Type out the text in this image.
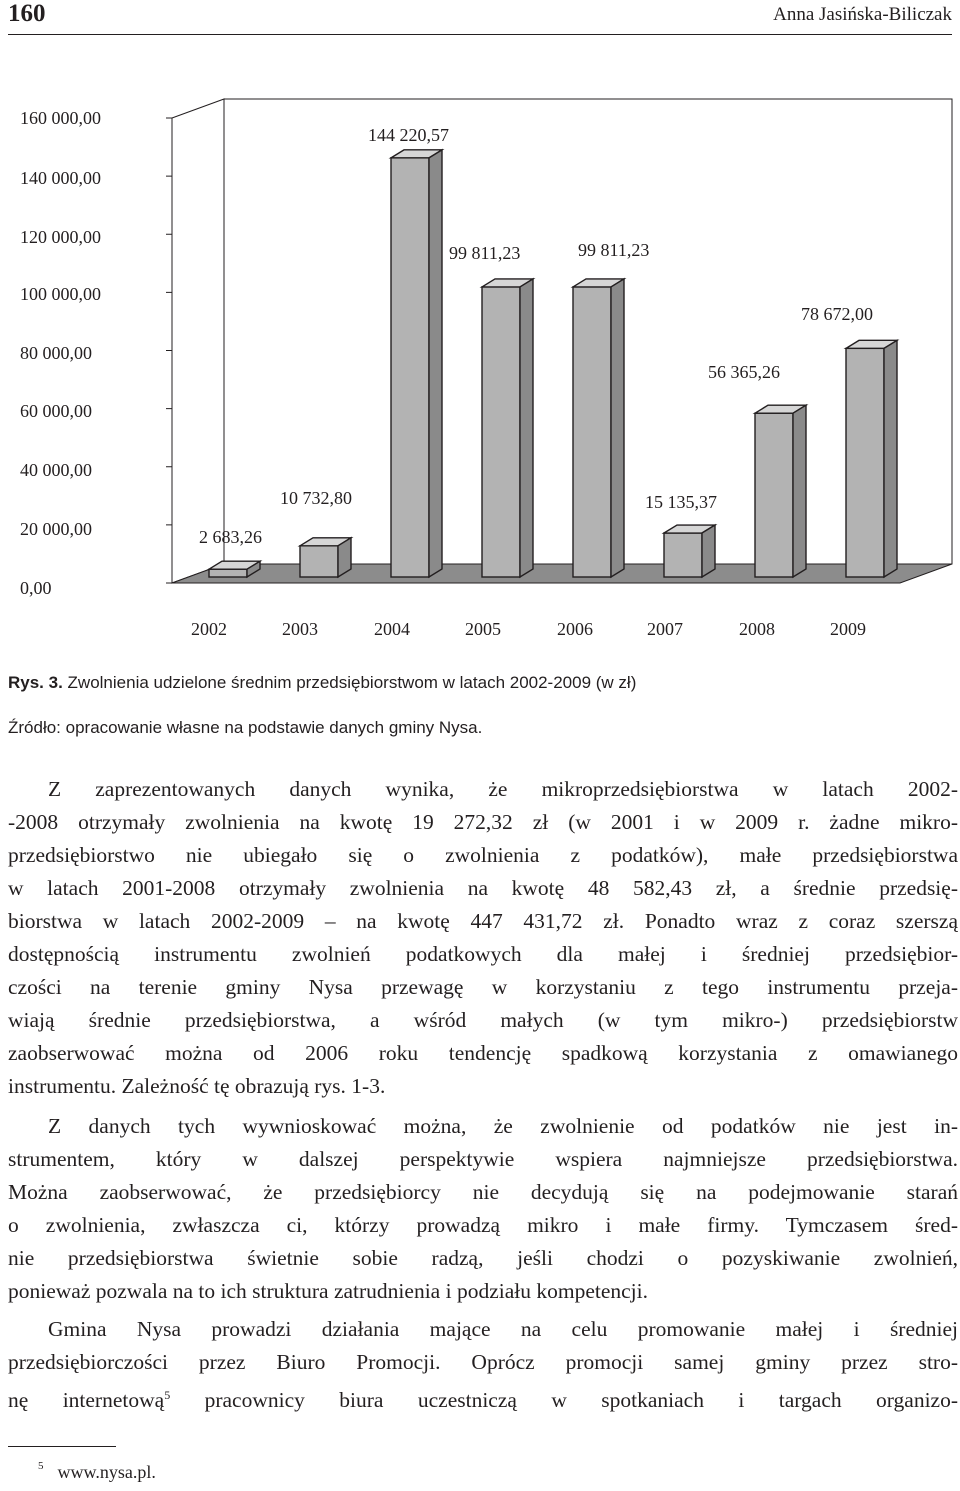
160	Anna Jasińska-Biliczak
160 000,00
140 000,00
120 000,00
100 000,00
80 000,00
60 000,00
40 000,00
20 000,00
0,00
2002	2003	2004	2005	2006	2007	2008	2009
2 683,26
10 732,80
144 220,57
99 811,23	99 811,23
15 135,37
56 365,26
78 672,00
Rys. 3. Zwolnienia udzielone średnim przedsiębiorstwom w latach 2002-2009 (w zł)
Źródło: opracowanie własne na podstawie danych gminy Nysa.
Z zaprezentowanych danych wynika, że mikroprzedsiębiorstwa w latach 2002-
-2008 otrzymały zwolnienia na kwotę 19 272,32 zł (w 2001 i w 2009 r. żadne mikro-
przedsiębiorstwo nie ubiegało się o zwolnienia z podatków), małe przedsiębiorstwa
w latach 2001-2008 otrzymały zwolnienia na kwotę 48 582,43 zł, a średnie przedsię-
biorstwa w latach 2002-2009 – na kwotę 447 431,72 zł. Ponadto wraz z coraz szerszą
dostępnością instrumentu zwolnień podatkowych dla małej i średniej przedsiębior-
czości na terenie gminy Nysa przewagę w korzystaniu z tego instrumentu przeja-
wiają średnie przedsiębiorstwa, a wśród małych (w tym mikro-) przedsiębiorstw
zaobserwować można od 2006 roku tendencję spadkową korzystania z omawianego
instrumentu. Zależność tę obrazują rys. 1-3.
Z danych tych wywnioskować można, że zwolnienie od podatków nie jest in-
strumentem, który w dalszej perspektywie wspiera najmniejsze przedsiębiorstwa.
Można zaobserwować, że przedsiębiorcy nie decydują się na podejmowanie starań
o zwolnienia, zwłaszcza ci, którzy prowadzą mikro i małe firmy. Tymczasem śred-
nie przedsiębiorstwa świetnie sobie radzą, jeśli chodzi o pozyskiwanie zwolnień,
ponieważ pozwala na to ich struktura zatrudnienia i podziału kompetencji.
Gmina Nysa prowadzi działania mające na celu promowanie małej i średniej
przedsiębiorczości przez Biuro Promocji. Oprócz promocji samej gminy przez stro-
nę internetową$^5$ pracownicy biura uczestniczą w spotkaniach i targach organizo-
$^5$ www.nysa.pl.
